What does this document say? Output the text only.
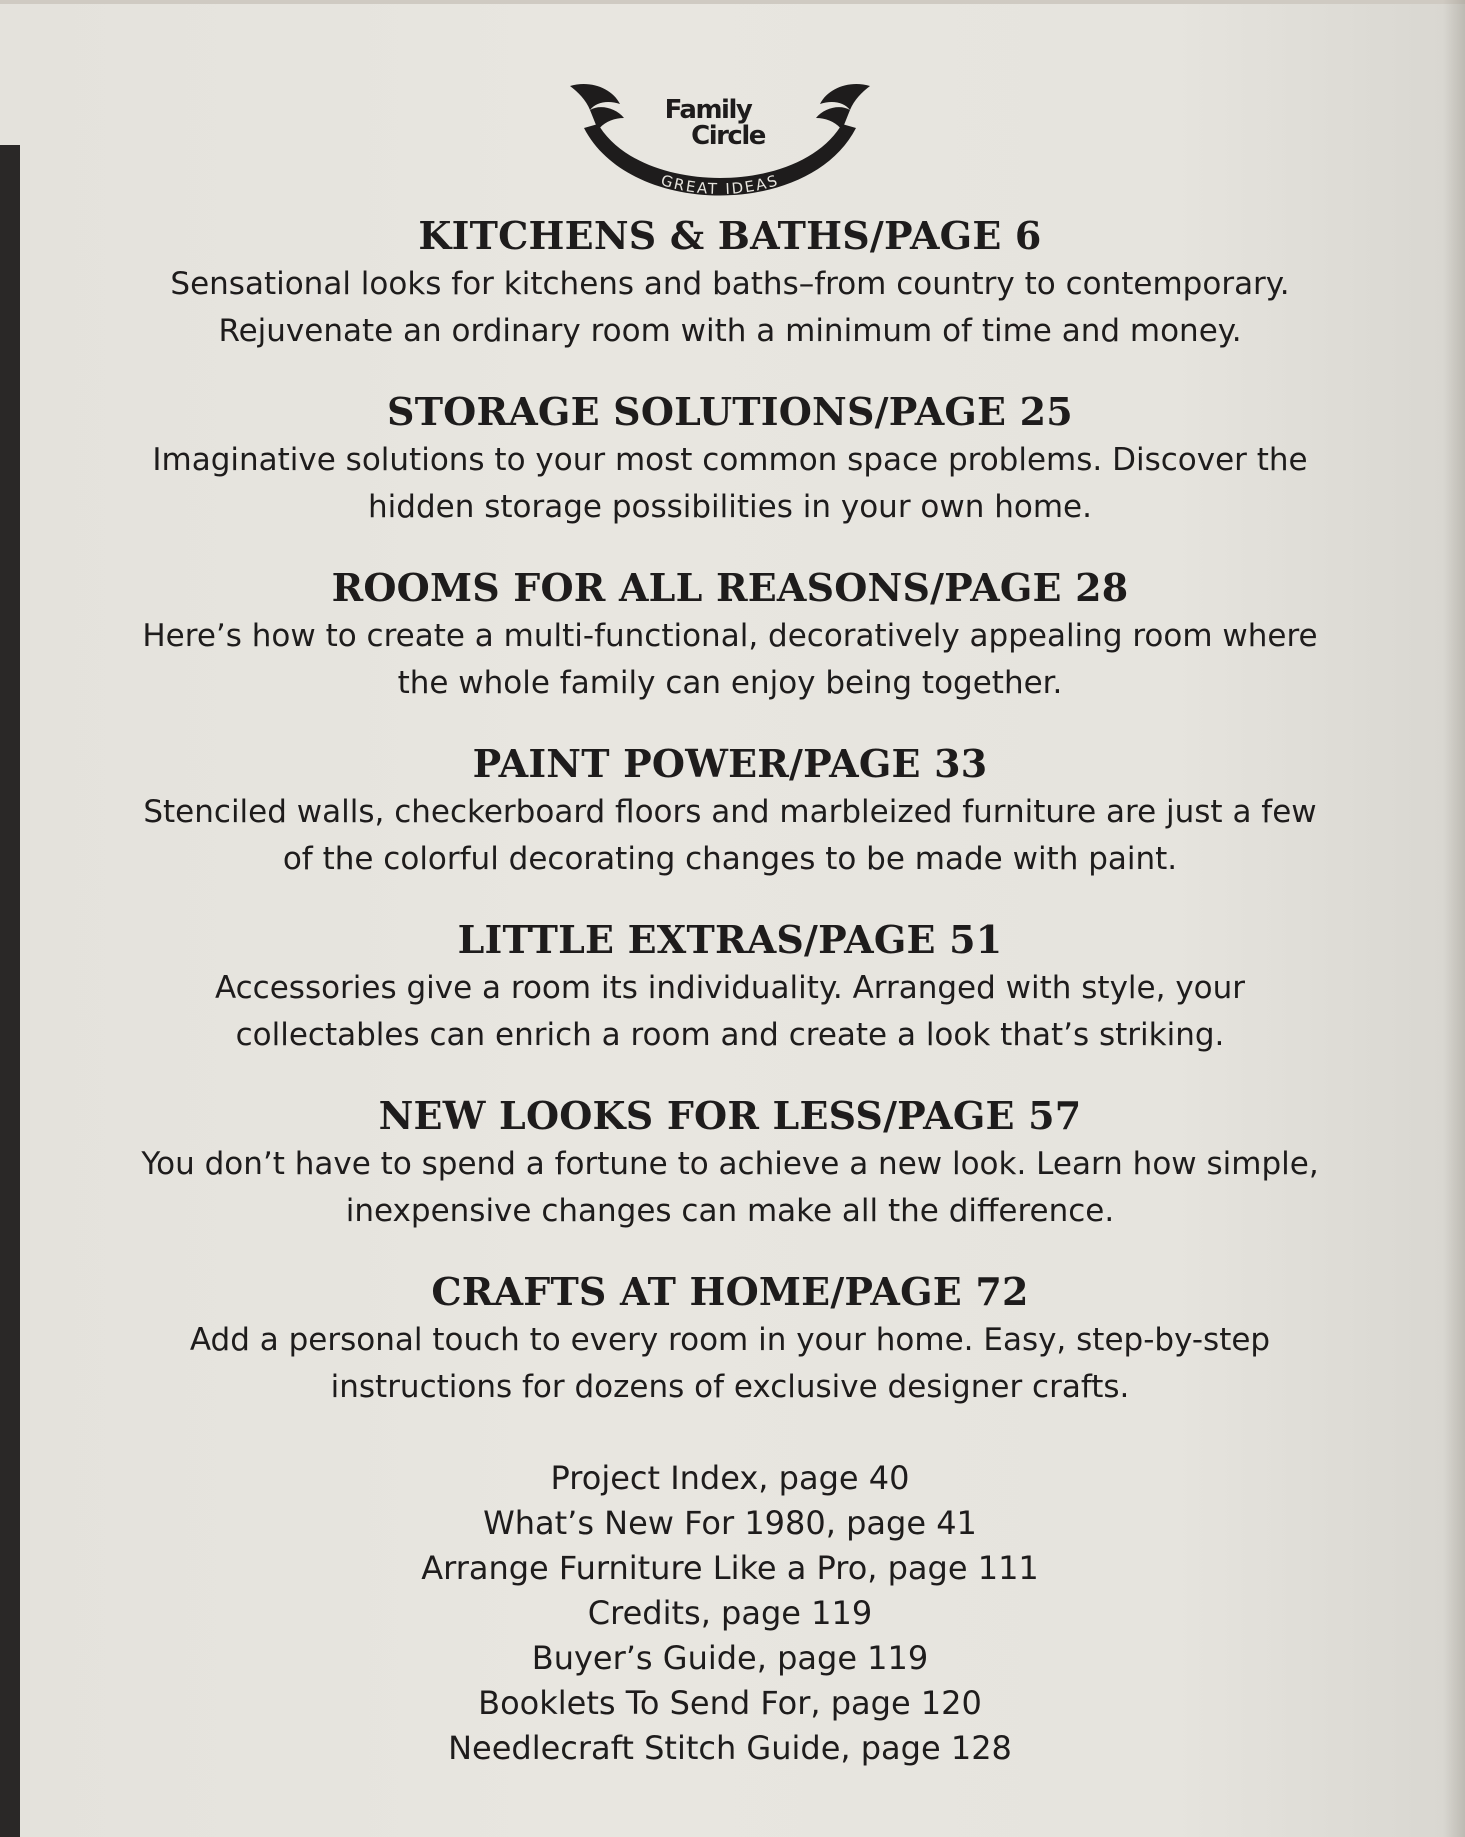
GREAT IDEAS
Family
Circle
KITCHENS & BATHS/PAGE 6
Sensational looks for kitchens and baths–from country to contemporary.
Rejuvenate an ordinary room with a minimum of time and money.
STORAGE SOLUTIONS/PAGE 25
Imaginative solutions to your most common space problems. Discover the
hidden storage possibilities in your own home.
ROOMS FOR ALL REASONS/PAGE 28
Here’s how to create a multi-functional, decoratively appealing room where
the whole family can enjoy being together.
PAINT POWER/PAGE 33
Stenciled walls, checkerboard floors and marbleized furniture are just a few
of the colorful decorating changes to be made with paint.
LITTLE EXTRAS/PAGE 51
Accessories give a room its individuality. Arranged with style, your
collectables can enrich a room and create a look that’s striking.
NEW LOOKS FOR LESS/PAGE 57
You don’t have to spend a fortune to achieve a new look. Learn how simple,
inexpensive changes can make all the difference.
CRAFTS AT HOME/PAGE 72
Add a personal touch to every room in your home. Easy, step-by-step
instructions for dozens of exclusive designer crafts.
Project Index, page 40
What’s New For 1980, page 41
Arrange Furniture Like a Pro, page 111
Credits, page 119
Buyer’s Guide, page 119
Booklets To Send For, page 120
Needlecraft Stitch Guide, page 128
